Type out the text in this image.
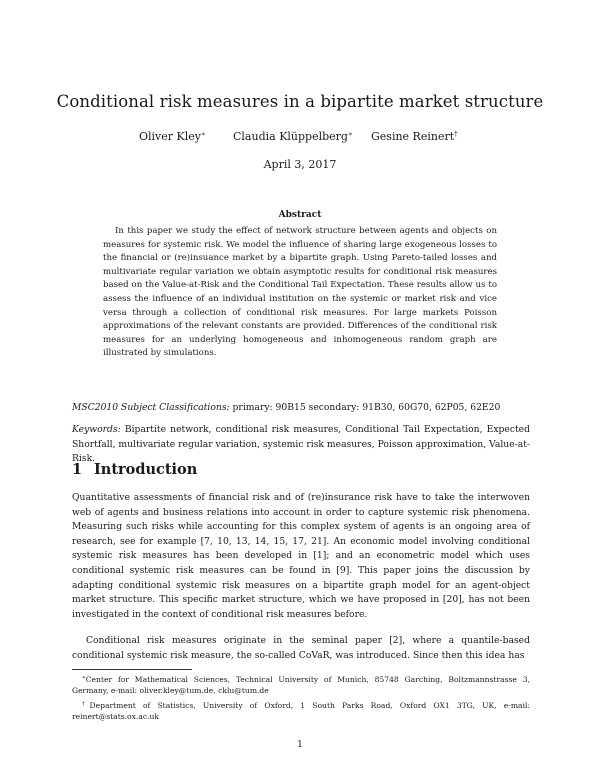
Conditional risk measures in a bipartite market structure
Oliver Kley∗ Claudia Klüppelberg∗ Gesine Reinert†
April 3, 2017
Abstract
In this paper we study the effect of network structure between agents and objects on measures for systemic risk. We model the influence of sharing large exogeneous losses to the financial or (re)insuance market by a bipartite graph. Using Pareto-tailed losses and multivariate regular variation we obtain asymptotic results for conditional risk measures based on the Value-at-Risk and the Conditional Tail Expectation. These results allow us to assess the influence of an individual institution on the systemic or market risk and vice versa through a collection of conditional risk measures. For large markets Poisson approximations of the relevant constants are provided. Differences of the conditional risk measures for an underlying homogeneous and inhomogeneous random graph are illustrated by simulations.
MSC2010 Subject Classifications: primary: 90B15 secondary: 91B30, 60G70, 62P05, 62E20
Keywords: Bipartite network, conditional risk measures, Conditional Tail Expectation, Expected Shortfall, multivariate regular variation, systemic risk measures, Poisson approximation, Value-at-Risk.
1 Introduction
Quantitative assessments of financial risk and of (re)insurance risk have to take the interwoven web of agents and business relations into account in order to capture systemic risk phenomena. Measuring such risks while accounting for this complex system of agents is an ongoing area of research, see for example [7, 10, 13, 14, 15, 17, 21]. An economic model involving conditional systemic risk measures has been developed in [1]; and an econometric model which uses conditional systemic risk measures can be found in [9]. This paper joins the discussion by adapting conditional systemic risk measures on a bipartite graph model for an agent-object market structure. This specific market structure, which we have proposed in [20], has not been investigated in the context of conditional risk measures before.
Conditional risk measures originate in the seminal paper [2], where a quantile-based conditional systemic risk measure, the so-called CoVaR, was introduced. Since then this idea has
∗Center for Mathematical Sciences, Technical University of Munich, 85748 Garching, Boltzmannstrasse 3, Germany, e-mail: oliver.kley@tum.de, cklu@tum.de
†Department of Statistics, University of Oxford, 1 South Parks Road, Oxford OX1 3TG, UK, e-mail: reinert@stats.ox.ac.uk
1
